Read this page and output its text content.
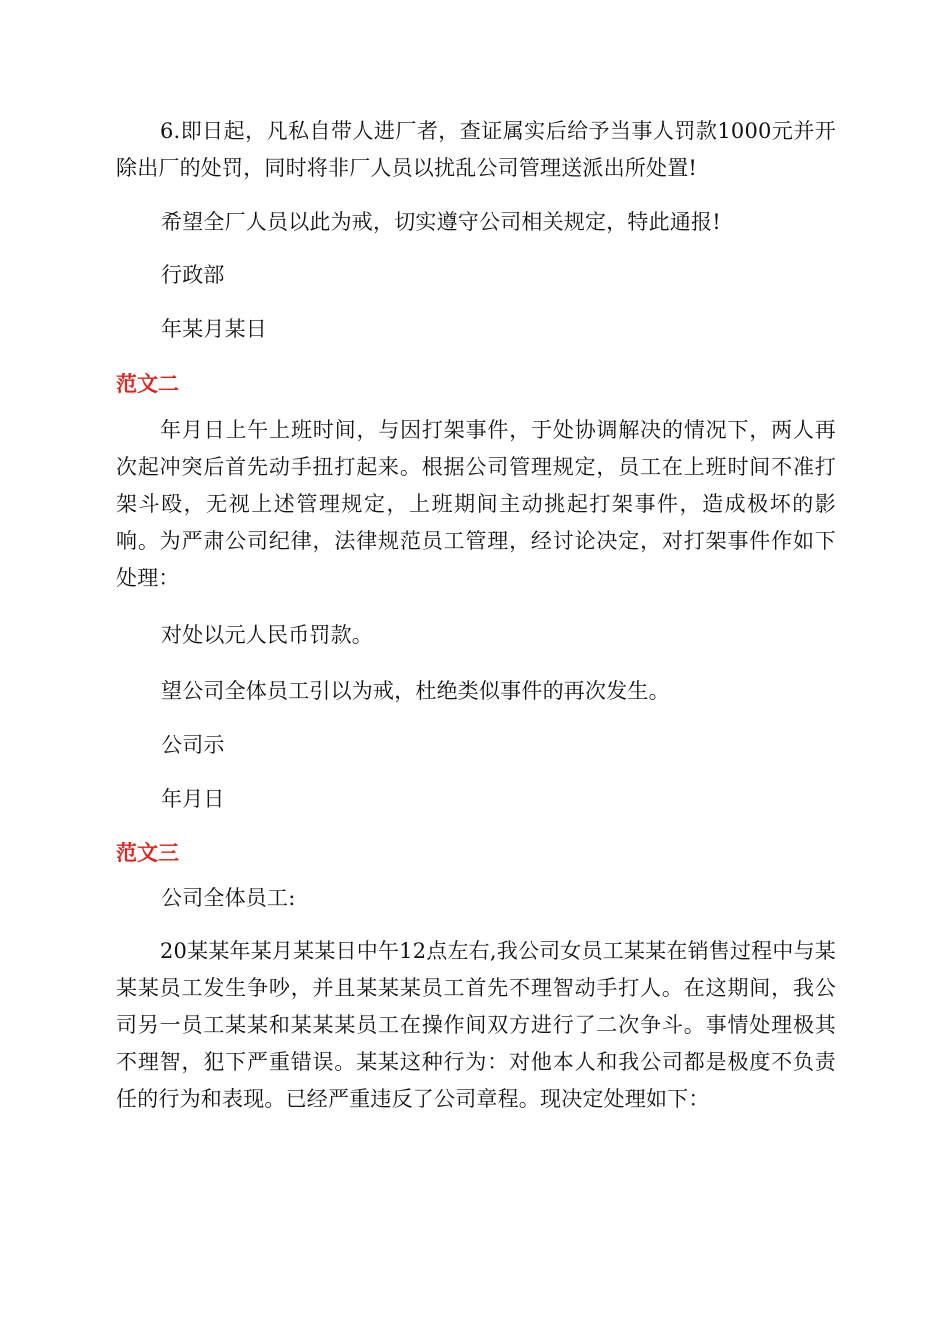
6.即日起，凡私自带人进厂者，查证属实后给予当事人罚款1000元并开除出厂的处罚，同时将非厂人员以扰乱公司管理送派出所处置!

希望全厂人员以此为戒，切实遵守公司相关规定，特此通报!

行政部

年某月某日

范文二

年月日上午上班时间，与因打架事件，于处协调解决的情况下，两人再次起冲突后首先动手扭打起来。根据公司管理规定，员工在上班时间不准打架斗殴，无视上述管理规定，上班期间主动挑起打架事件，造成极坏的影响。为严肃公司纪律，法律规范员工管理，经讨论决定，对打架事件作如下处理：

对处以元人民币罚款。

望公司全体员工引以为戒，杜绝类似事件的再次发生。

公司示

年月日

范文三

公司全体员工:

20某某年某月某某日中午12点左右,我公司女员工某某在销售过程中与某某某员工发生争吵，并且某某某员工首先不理智动手打人。在这期间，我公司另一员工某某和某某某员工在操作间双方进行了二次争斗。事情处理极其不理智，犯下严重错误。某某这种行为：对他本人和我公司都是极度不负责任的行为和表现。已经严重违反了公司章程。现决定处理如下：
